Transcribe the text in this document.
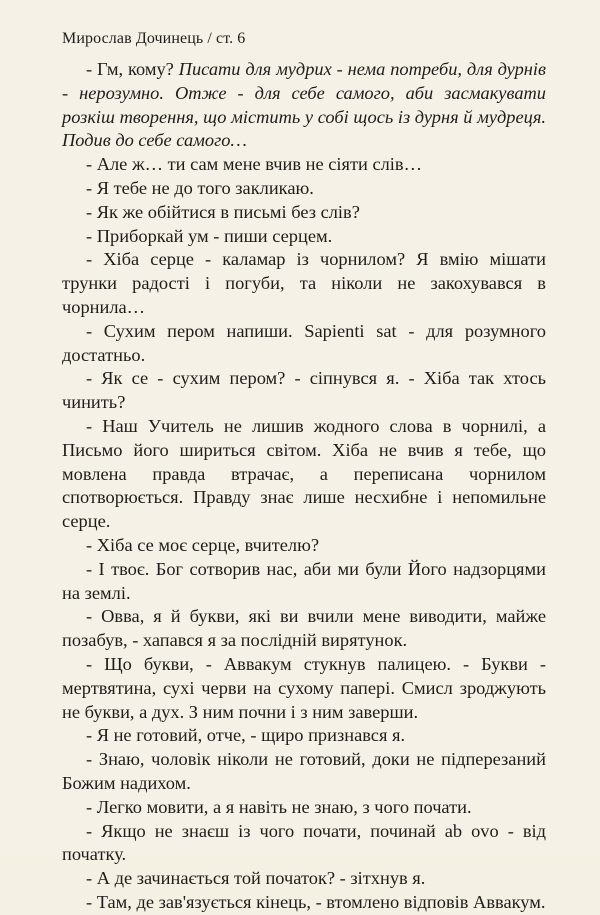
Мирослав Дочинець / ст. 6

- Гм, кому? Писати для мудрих - нема потреби, для дурнів - нерозумно. Отже - для себе самого, аби засмакувати розкіш творення, що містить у собі щось із дурня й мудреця. Подив до себе самого…

- Але ж… ти сам мене вчив не сіяти слів…

- Я тебе не до того закликаю.

- Як же обійтися в письмі без слів?

- Приборкай ум - пиши серцем.

- Хіба серце - каламар із чорнилом? Я вмію мішати трунки радості і погуби, та ніколи не закохувався в чорнила…

- Сухим пером напиши. Sapienti sat - для розумного достатньо.

- Як се - сухим пером? - сіпнувся я. - Хіба так хтось чинить?

- Наш Учитель не лишив жодного слова в чорнилі, а Письмо його шириться світом. Хіба не вчив я тебе, що мовлена правда втрачає, а переписана чорнилом спотворюється. Правду знає лише несхибне і непомильне серце.

- Хіба се моє серце, вчителю?

- І твоє. Бог сотворив нас, аби ми були Його надзорцями на землі.

- Овва, я й букви, які ви вчили мене виводити, майже позабув, - хапався я за послідній вирятунок.

- Що букви, - Аввакум стукнув палицею. - Букви - мертвятина, сухі черви на сухому папері. Смисл зроджують не букви, а дух. З ним почни і з ним заверши.

- Я не готовий, отче, - щиро признався я.

- Знаю, чоловік ніколи не готовий, доки не підперезаний Божим надихом.

- Легко мовити, а я навіть не знаю, з чого почати.

- Якщо не знаєш із чого почати, починай ab ovo - від початку.

- А де зачинається той початок? - зітхнув я.

- Там, де зав'язується кінець, - втомлено відповів Аввакум.
